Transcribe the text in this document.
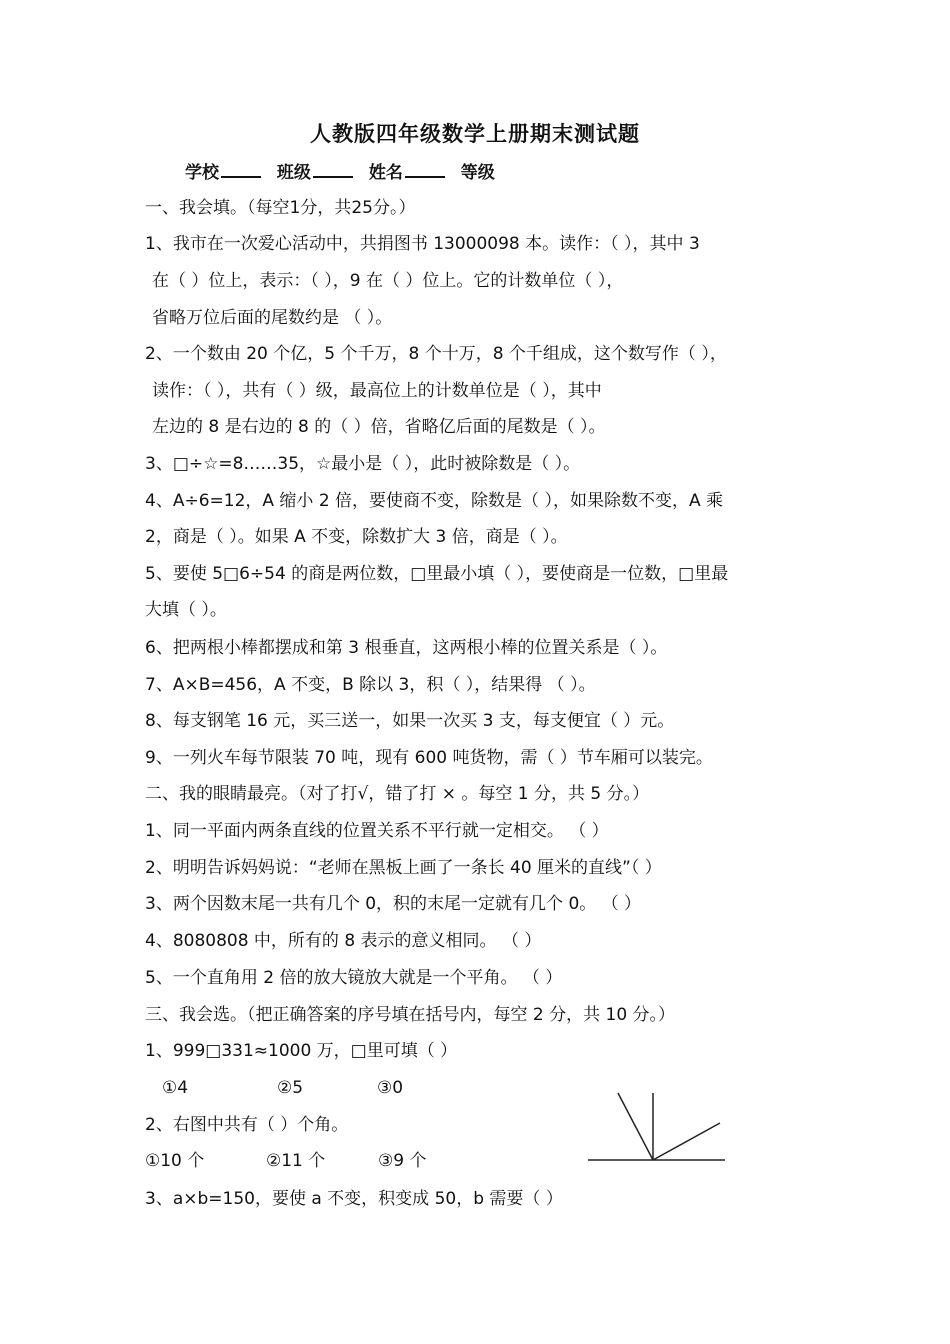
人教版四年级数学上册期末测试题
学校	班级	姓名	等级
一、我会填。（每空1分，共25分。）
1、我市在一次爱心活动中，共捐图书 13000098 本。读作：（ ），其中 3
在（ ）位上，表示：（ ），9 在（ ）位上。它的计数单位（ ），
省略万位后面的尾数约是 （ ）。
2、一个数由 20 个亿，5 个千万，8 个十万，8 个千组成，这个数写作（ ），
读作：（ ），共有（ ）级，最高位上的计数单位是（ ），其中
左边的 8 是右边的 8 的（ ）倍，省略亿后面的尾数是（ ）。
3、□÷☆=8……35，☆最小是（ ），此时被除数是（ ）。
4、A÷6=12，A 缩小 2 倍，要使商不变，除数是（ ），如果除数不变，A 乘
2，商是（ ）。如果 A 不变，除数扩大 3 倍，商是（ ）。
5、要使 5□6÷54 的商是两位数，□里最小填（ ），要使商是一位数，□里最
大填（ ）。
6、把两根小棒都摆成和第 3 根垂直，这两根小棒的位置关系是（ ）。
7、A×B=456，A 不变，B 除以 3，积（ ），结果得 （ ）。
8、每支钢笔 16 元，买三送一，如果一次买 3 支，每支便宜（ ）元。
9、一列火车每节限装 70 吨，现有 600 吨货物，需（ ）节车厢可以装完。
二、我的眼睛最亮。（对了打√，错了打 × 。每空 1 分，共 5 分。）
1、同一平面内两条直线的位置关系不平行就一定相交。 （ ）
2、明明告诉妈妈说：“老师在黑板上画了一条长 40 厘米的直线”（ ）
3、两个因数末尾一共有几个 0，积的末尾一定就有几个 0。 （ ）
4、8080808 中，所有的 8 表示的意义相同。 （ ）
5、一个直角用 2 倍的放大镜放大就是一个平角。 （ ）
三、我会选。（把正确答案的序号填在括号内，每空 2 分，共 10 分。）
1、999□331≈1000 万，□里可填（ ）
①4	②5	③0
2、右图中共有（ ）个角。
①10 个	②11 个	③9 个
3、a×b=150，要使 a 不变，积变成 50，b 需要（ ）
